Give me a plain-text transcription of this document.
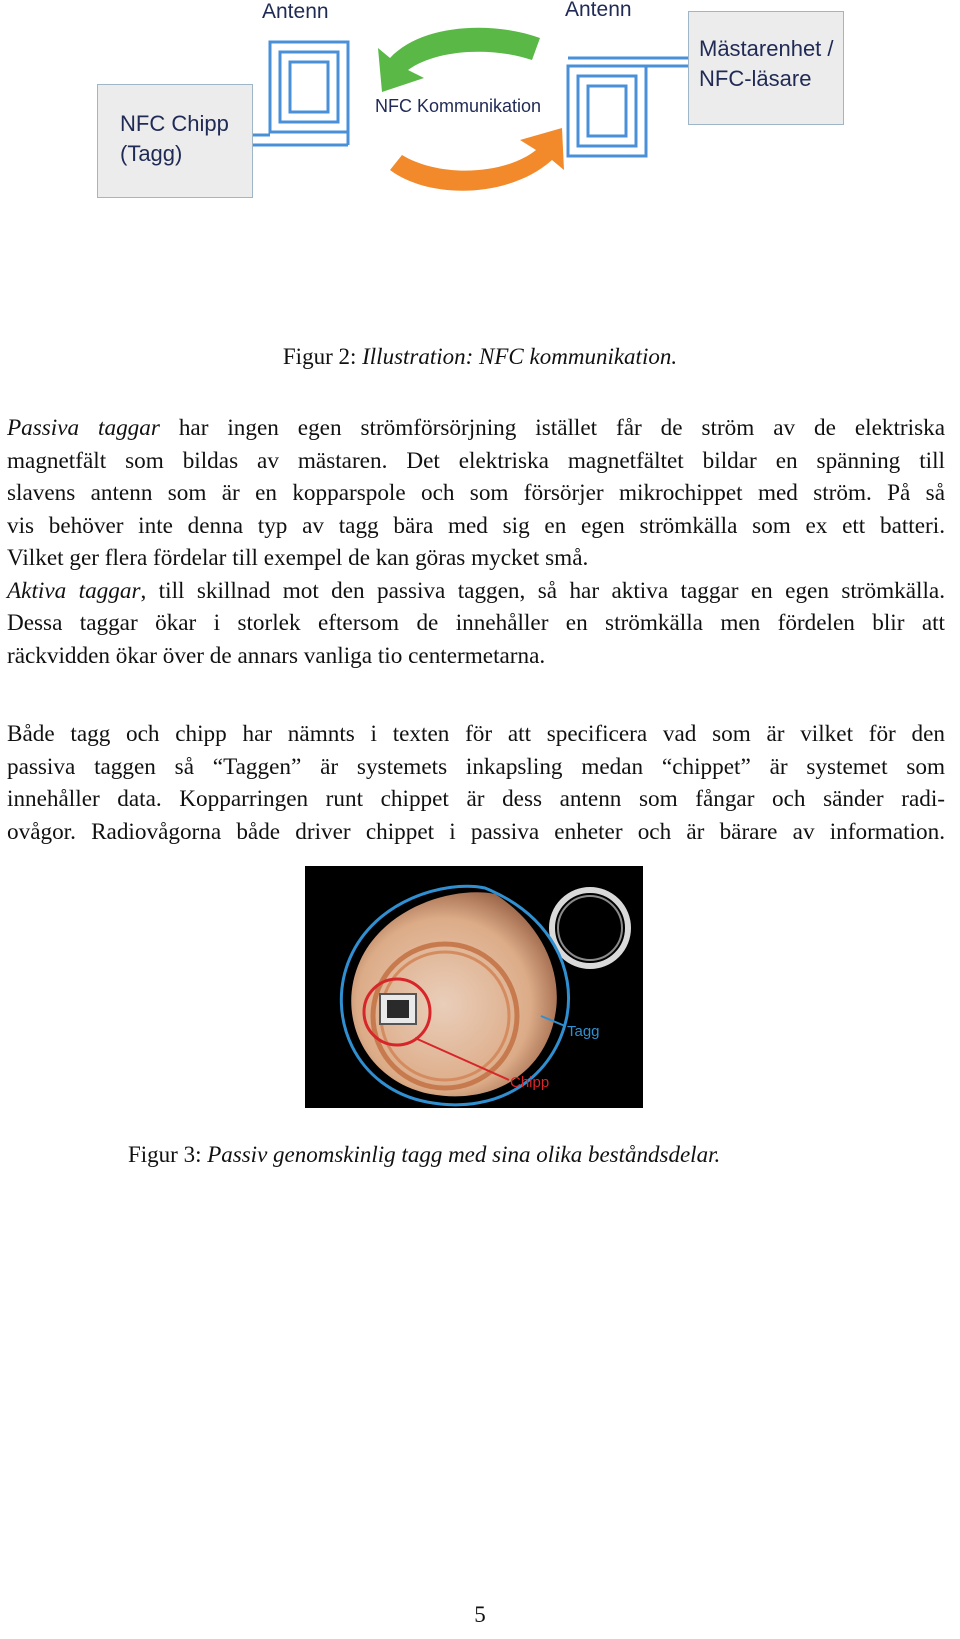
Antenn	Antenn
NFC Kommunikation
NFC Chipp
(Tagg)
Mästarenhet /
NFC-läsare
Figur 2: Illustration: NFC kommunikation.
Passiva taggar har ingen egen strömförsörjning istället får de ström av de elektriska
magnetfält som bildas av mästaren. Det elektriska magnetfältet bildar en spänning till
slavens antenn som är en kopparspole och som försörjer mikrochippet med ström. På så
vis behöver inte denna typ av tagg bära med sig en egen strömkälla som ex ett batteri.
Vilket ger flera fördelar till exempel de kan göras mycket små.
Aktiva taggar, till skillnad mot den passiva taggen, så har aktiva taggar en egen strömkälla.
Dessa taggar ökar i storlek eftersom de innehåller en strömkälla men fördelen blir att
räckvidden ökar över de annars vanliga tio centermetarna.
Både tagg och chipp har nämnts i texten för att specificera vad som är vilket för den
passiva taggen så “Taggen” är systemets inkapsling medan “chippet” är systemet som
innehåller data. Kopparringen runt chippet är dess antenn som fångar och sänder radi-
ovågor. Radiovågorna både driver chippet i passiva enheter och är bärare av information.
Tagg
Chipp
Figur 3: Passiv genomskinlig tagg med sina olika beståndsdelar.
5
